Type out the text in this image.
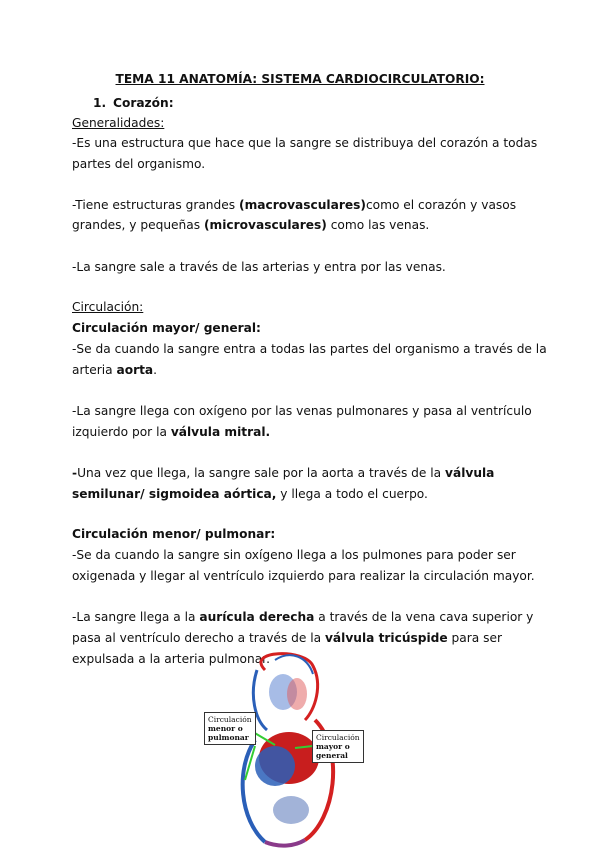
TEMA 11 ANATOMÍA: SISTEMA CARDIOCIRCULATORIO:
1. Corazón:
Generalidades:
-Es una estructura que hace que la sangre se distribuya del corazón a todas
partes del organismo.
-Tiene estructuras grandes (macrovasculares)como el corazón y vasos
grandes, y pequeñas (microvasculares) como las venas.
-La sangre sale a través de las arterias y entra por las venas.
Circulación:
Circulación mayor/ general:
-Se da cuando la sangre entra a todas las partes del organismo a través de la
arteria aorta.
-La sangre llega con oxígeno por las venas pulmonares y pasa al ventrículo
izquierdo por la válvula mitral.
-Una vez que llega, la sangre sale por la aorta a través de la válvula
semilunar/ sigmoidea aórtica, y llega a todo el cuerpo.
Circulación menor/ pulmonar:
-Se da cuando la sangre sin oxígeno llega a los pulmones para poder ser
oxigenada y llegar al ventrículo izquierdo para realizar la circulación mayor.
-La sangre llega a la aurícula derecha a través de la vena cava superior y
pasa al ventrículo derecho a través de la válvula tricúspide para ser
expulsada a la arteria pulmonar.
Circulación
menor o
pulmonar	Circulación
mayor o
general
